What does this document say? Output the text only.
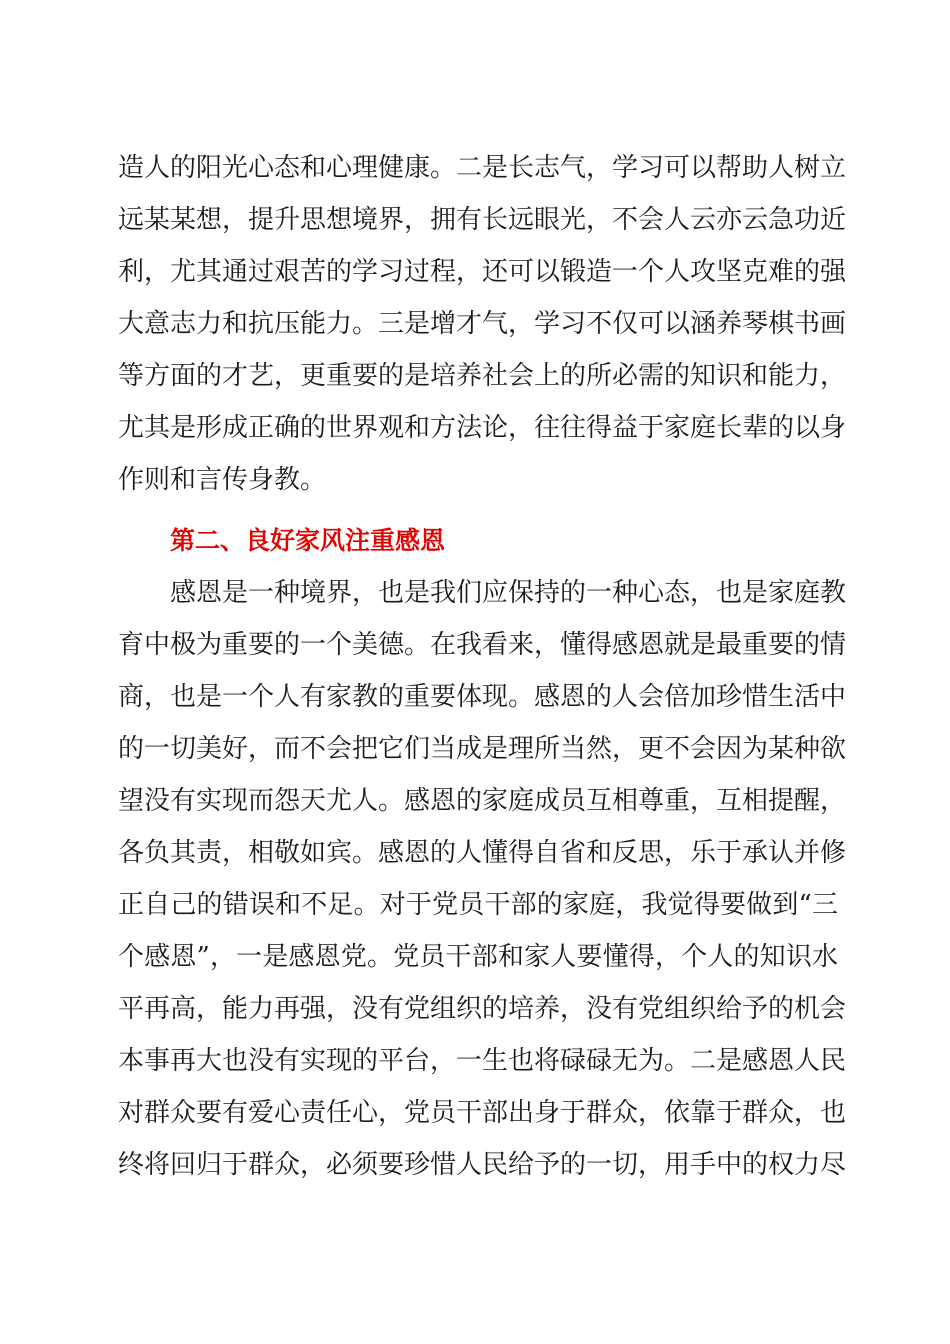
造人的阳光心态和心理健康。二是长志气，学习可以帮助人树立
远某某想，提升思想境界，拥有长远眼光，不会人云亦云急功近
利，尤其通过艰苦的学习过程，还可以锻造一个人攻坚克难的强
大意志力和抗压能力。三是增才气，学习不仅可以涵养琴棋书画
等方面的才艺，更重要的是培养社会上的所必需的知识和能力，
尤其是形成正确的世界观和方法论，往往得益于家庭长辈的以身
作则和言传身教。
第二、良好家风注重感恩
感恩是一种境界，也是我们应保持的一种心态，也是家庭教
育中极为重要的一个美德。在我看来，懂得感恩就是最重要的情
商，也是一个人有家教的重要体现。感恩的人会倍加珍惜生活中
的一切美好，而不会把它们当成是理所当然，更不会因为某种欲
望没有实现而怨天尤人。感恩的家庭成员互相尊重，互相提醒，
各负其责，相敬如宾。感恩的人懂得自省和反思，乐于承认并修
正自己的错误和不足。对于党员干部的家庭，我觉得要做到“三
个感恩”，一是感恩党。党员干部和家人要懂得，个人的知识水
平再高，能力再强，没有党组织的培养，没有党组织给予的机会
本事再大也没有实现的平台，一生也将碌碌无为。二是感恩人民
对群众要有爱心责任心，党员干部出身于群众，依靠于群众，也
终将回归于群众，必须要珍惜人民给予的一切，用手中的权力尽
